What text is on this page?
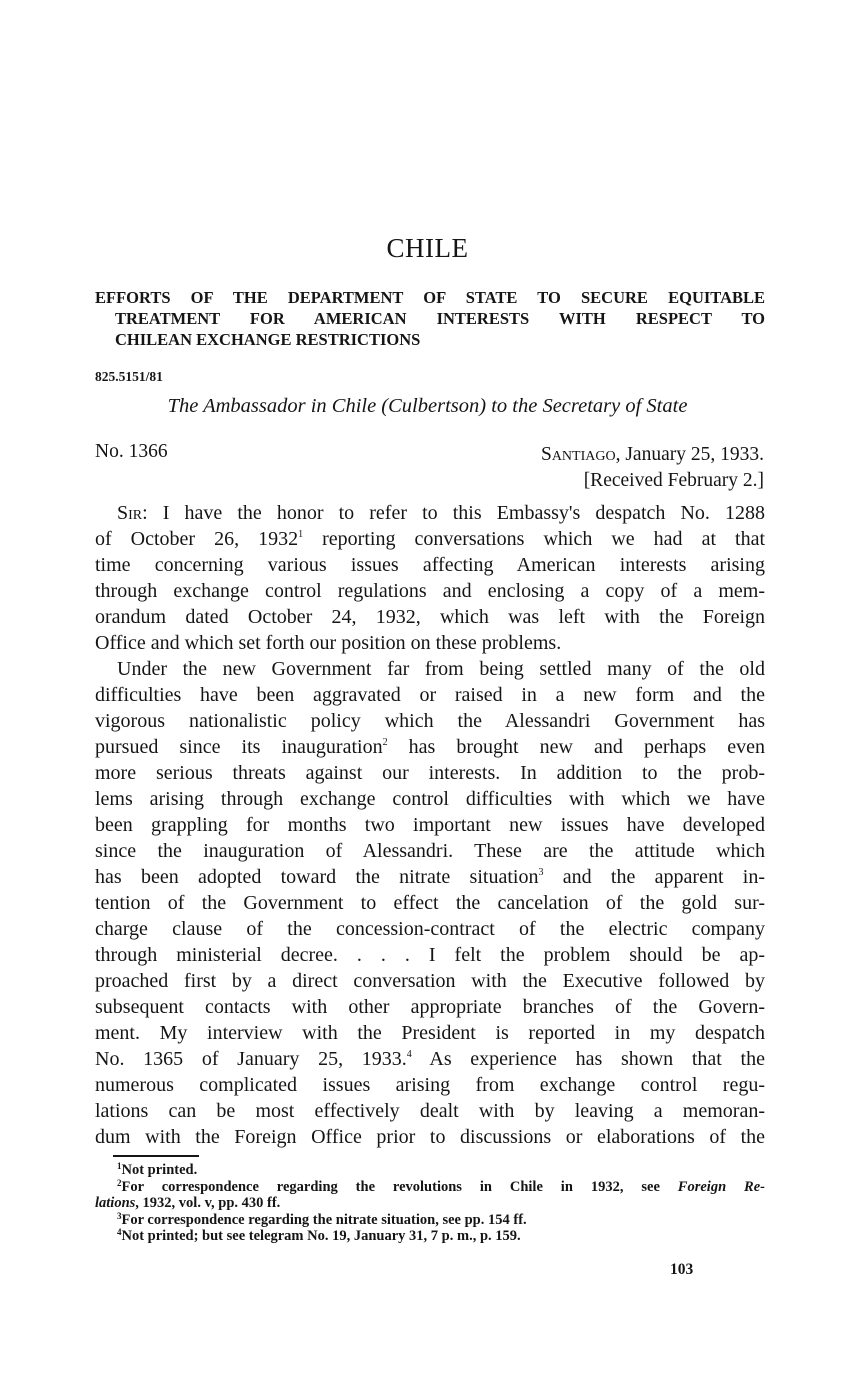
CHILE
EFFORTS OF THE DEPARTMENT OF STATE TO SECURE EQUITABLE
TREATMENT FOR AMERICAN INTERESTS WITH RESPECT TO
CHILEAN EXCHANGE RESTRICTIONS
825.5151/81
The Ambassador in Chile (Culbertson) to the Secretary of State
No. 1366	Santiago, January 25, 1933.
[Received February 2.]
Sir: I have the honor to refer to this Embassy's despatch No. 1288
of October 26, 1932$^1$ reporting conversations which we had at that
time concerning various issues affecting American interests arising
through exchange control regulations and enclosing a copy of a mem-
orandum dated October 24, 1932, which was left with the Foreign
Office and which set forth our position on these problems.
Under the new Government far from being settled many of the old
difficulties have been aggravated or raised in a new form and the
vigorous nationalistic policy which the Alessandri Government has
pursued since its inauguration$^2$ has brought new and perhaps even
more serious threats against our interests. In addition to the prob-
lems arising through exchange control difficulties with which we have
been grappling for months two important new issues have developed
since the inauguration of Alessandri. These are the attitude which
has been adopted toward the nitrate situation$^3$ and the apparent in-
tention of the Government to effect the cancelation of the gold sur-
charge clause of the concession-contract of the electric company
through ministerial decree. . . . I felt the problem should be ap-
proached first by a direct conversation with the Executive followed by
subsequent contacts with other appropriate branches of the Govern-
ment. My interview with the President is reported in my despatch
No. 1365 of January 25, 1933.$^4$ As experience has shown that the
numerous complicated issues arising from exchange control regu-
lations can be most effectively dealt with by leaving a memoran-
dum with the Foreign Office prior to discussions or elaborations of the
$^1$Not printed.
$^2$For correspondence regarding the revolutions in Chile in 1932, see Foreign Re-
lations, 1932, vol. v, pp. 430 ff.
$^3$For correspondence regarding the nitrate situation, see pp. 154 ff.
$^4$Not printed; but see telegram No. 19, January 31, 7 p. m., p. 159.
103
